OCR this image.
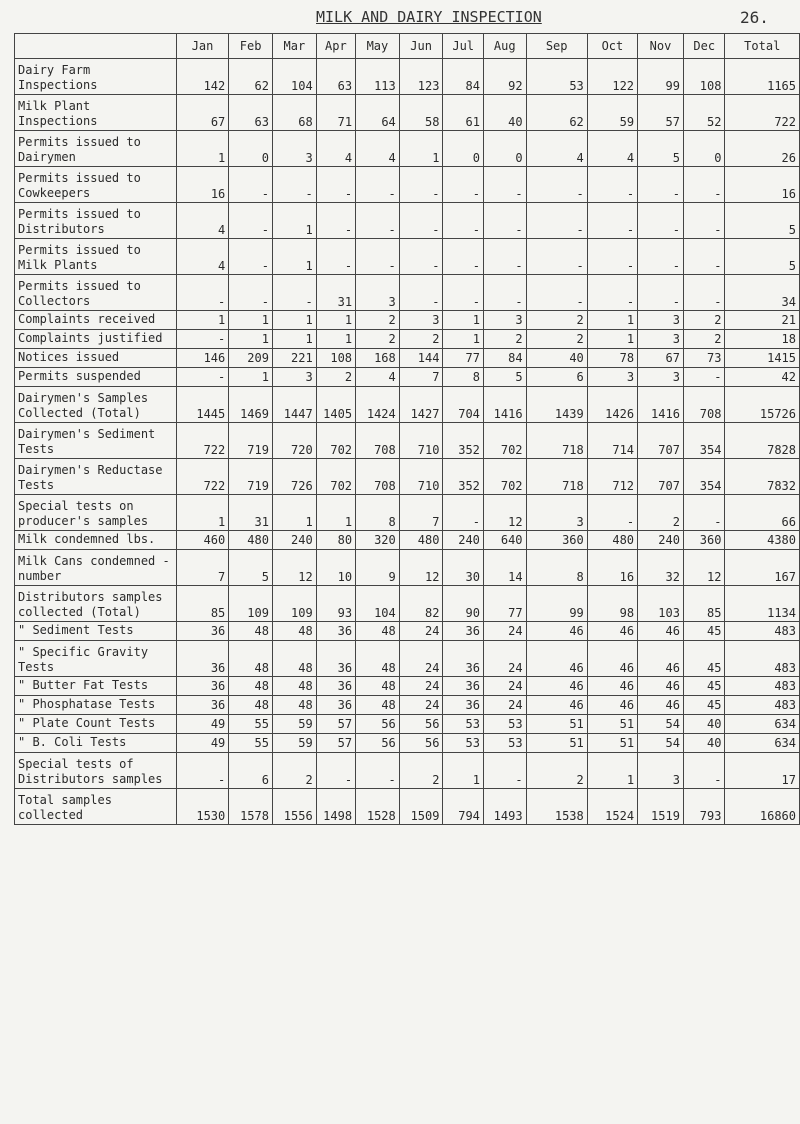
MILK AND DAIRY INSPECTION	26.
	Jan	Feb	Mar	Apr	May	Jun	Jul	Aug	Sep	Oct	Nov	Dec	Total
Dairy Farm Inspections	142	62	104	63	113	123	84	92	53	122	99	108	1165
Milk Plant Inspections	67	63	68	71	64	58	61	40	62	59	57	52	722
Permits issued to Dairymen	1	0	3	4	4	1	0	0	4	4	5	0	26
Permits issued to Cowkeepers	16	-	-	-	-	-	-	-	-	-	-	-	16
Permits issued to Distributors	4	-	1	-	-	-	-	-	-	-	-	-	5
Permits issued to Milk Plants	4	-	1	-	-	-	-	-	-	-	-	-	5
Permits issued to Collectors	-	-	-	31	3	-	-	-	-	-	-	-	34
Complaints received	1	1	1	1	2	3	1	3	2	1	3	2	21
Complaints justified	-	1	1	1	2	2	1	2	2	1	3	2	18
Notices issued	146	209	221	108	168	144	77	84	40	78	67	73	1415
Permits suspended	-	1	3	2	4	7	8	5	6	3	3	-	42
Dairymen's Samples Collected (Total)	1445	1469	1447	1405	1424	1427	704	1416	1439	1426	1416	708	15726
Dairymen's Sediment Tests	722	719	720	702	708	710	352	702	718	714	707	354	7828
Dairymen's Reductase Tests	722	719	726	702	708	710	352	702	718	712	707	354	7832
Special tests on producer's samples	1	31	1	1	8	7	-	12	3	-	2	-	66
Milk condemned lbs.	460	480	240	80	320	480	240	640	360	480	240	360	4380
Milk Cans condemned - number	7	5	12	10	9	12	30	14	8	16	32	12	167
Distributors samples collected (Total)	85	109	109	93	104	82	90	77	99	98	103	85	1134
" Sediment Tests	36	48	48	36	48	24	36	24	46	46	46	45	483
" Specific Gravity Tests	36	48	48	36	48	24	36	24	46	46	46	45	483
" Butter Fat Tests	36	48	48	36	48	24	36	24	46	46	46	45	483
" Phosphatase Tests	36	48	48	36	48	24	36	24	46	46	46	45	483
" Plate Count Tests	49	55	59	57	56	56	53	53	51	51	54	40	634
" B. Coli Tests	49	55	59	57	56	56	53	53	51	51	54	40	634
Special tests of Distributors samples	-	6	2	-	-	2	1	-	2	1	3	-	17
Total samples collected	1530	1578	1556	1498	1528	1509	794	1493	1538	1524	1519	793	16860
